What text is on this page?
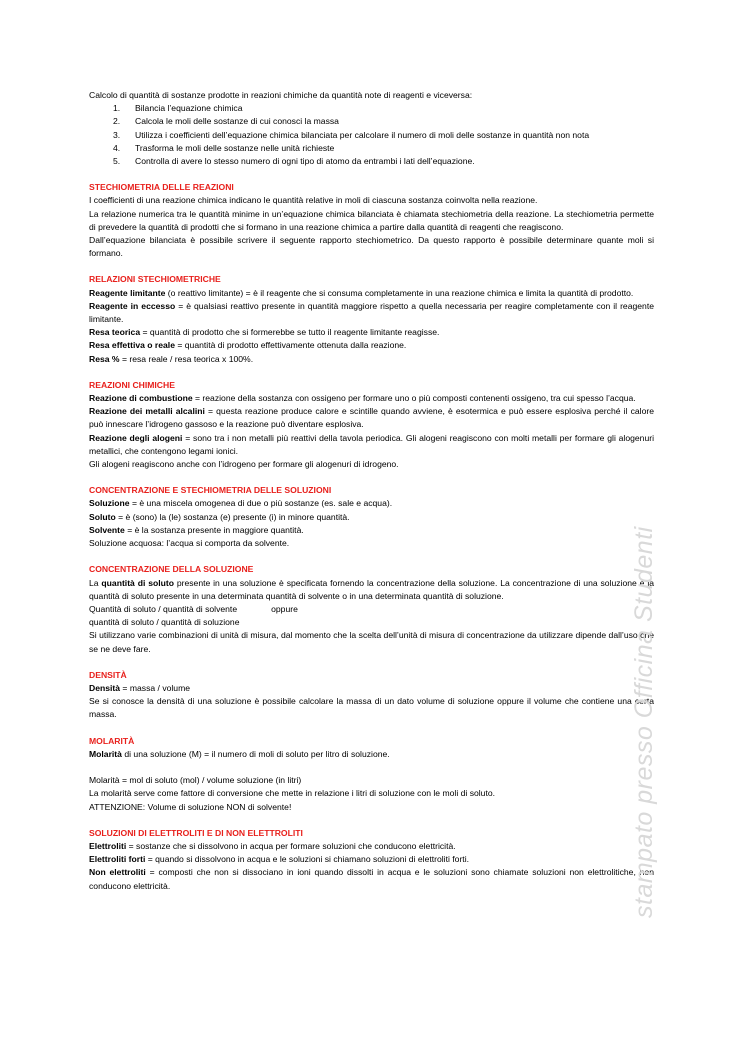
Calcolo di quantità di sostanze prodotte in reazioni chimiche da quantità note di reagenti e viceversa:

1. Bilancia l’equazione chimica
2. Calcola le moli delle sostanze di cui conosci la massa
3. Utilizza i coefficienti dell’equazione chimica bilanciata per calcolare il numero di moli delle sostanze in quantità non nota
4. Trasforma le moli delle sostanze nelle unità richieste
5. Controlla di avere lo stesso numero di ogni tipo di atomo da entrambi i lati dell’equazione.

STECHIOMETRIA DELLE REAZIONI

I coefficienti di una reazione chimica indicano le quantità relative in moli di ciascuna sostanza coinvolta nella reazione.

La relazione numerica tra le quantità minime in un’equazione chimica bilanciata è chiamata stechiometria della reazione. La stechiometria permette di prevedere la quantità di prodotti che si formano in una reazione chimica a partire dalla quantità di reagenti che reagiscono.

Dall’equazione bilanciata è possibile scrivere il seguente rapporto stechiometrico. Da questo rapporto è possibile determinare quante moli si formano.

RELAZIONI STECHIOMETRICHE

Reagente limitante (o reattivo limitante) = è il reagente che si consuma completamente in una reazione chimica e limita la quantità di prodotto.

Reagente in eccesso = è qualsiasi reattivo presente in quantità maggiore rispetto a quella necessaria per reagire completamente con il reagente limitante.

Resa teorica = quantità di prodotto che si formerebbe se tutto il reagente limitante reagisse.

Resa effettiva o reale = quantità di prodotto effettivamente ottenuta dalla reazione.

Resa % = resa reale / resa teorica x 100%.

REAZIONI CHIMICHE

Reazione di combustione = reazione della sostanza con ossigeno per formare uno o più composti contenenti ossigeno, tra cui spesso l’acqua.

Reazione dei metalli alcalini = questa reazione produce calore e scintille quando avviene, è esotermica e può essere esplosiva perché il calore può innescare l’idrogeno gassoso e la reazione può diventare esplosiva.

Reazione degli alogeni = sono tra i non metalli più reattivi della tavola periodica. Gli alogeni reagiscono con molti metalli per formare gli alogenuri metallici, che contengono legami ionici.

Gli alogeni reagiscono anche con l’idrogeno per formare gli alogenuri di idrogeno.

CONCENTRAZIONE E STECHIOMETRIA DELLE SOLUZIONI

Soluzione = è una miscela omogenea di due o più sostanze (es. sale e acqua).

Soluto = è (sono) la (le) sostanza (e) presente (i) in minore quantità.

Solvente = è la sostanza presente in maggiore quantità.

Soluzione acquosa: l’acqua si comporta da solvente.

CONCENTRAZIONE DELLA SOLUZIONE

La quantità di soluto presente in una soluzione è specificata fornendo la concentrazione della soluzione. La concentrazione di una soluzione è la quantità di soluto presente in una determinata quantità di solvente o in una determinata quantità di soluzione.

Quantità di soluto / quantità di solvente	oppure

quantità di soluto / quantità di soluzione

Si utilizzano varie combinazioni di unità di misura, dal momento che la scelta dell’unità di misura di concentrazione da utilizzare dipende dall’uso che se ne deve fare.

DENSITÀ

Densità = massa / volume

Se si conosce la densità di una soluzione è possibile calcolare la massa di un dato volume di soluzione oppure il volume che contiene una certa massa.

MOLARITÀ

Molarità di una soluzione (M) = il numero di moli di soluto per litro di soluzione.

Molarità = mol di soluto (mol) / volume soluzione (in litri)

La molarità serve come fattore di conversione che mette in relazione i litri di soluzione con le moli di soluto.

ATTENZIONE: Volume di soluzione NON di solvente!

SOLUZIONI DI ELETTROLITI E DI NON ELETTROLITI

Elettroliti = sostanze che si dissolvono in acqua per formare soluzioni che conducono elettricità.

Elettroliti forti = quando si dissolvono in acqua e le soluzioni si chiamano soluzioni di elettroliti forti.

Non elettroliti = composti che non si dissociano in ioni quando dissolti in acqua e le soluzioni sono chiamate soluzioni non elettrolitiche, non conducono elettricità.	stampato presso Officina Studenti
